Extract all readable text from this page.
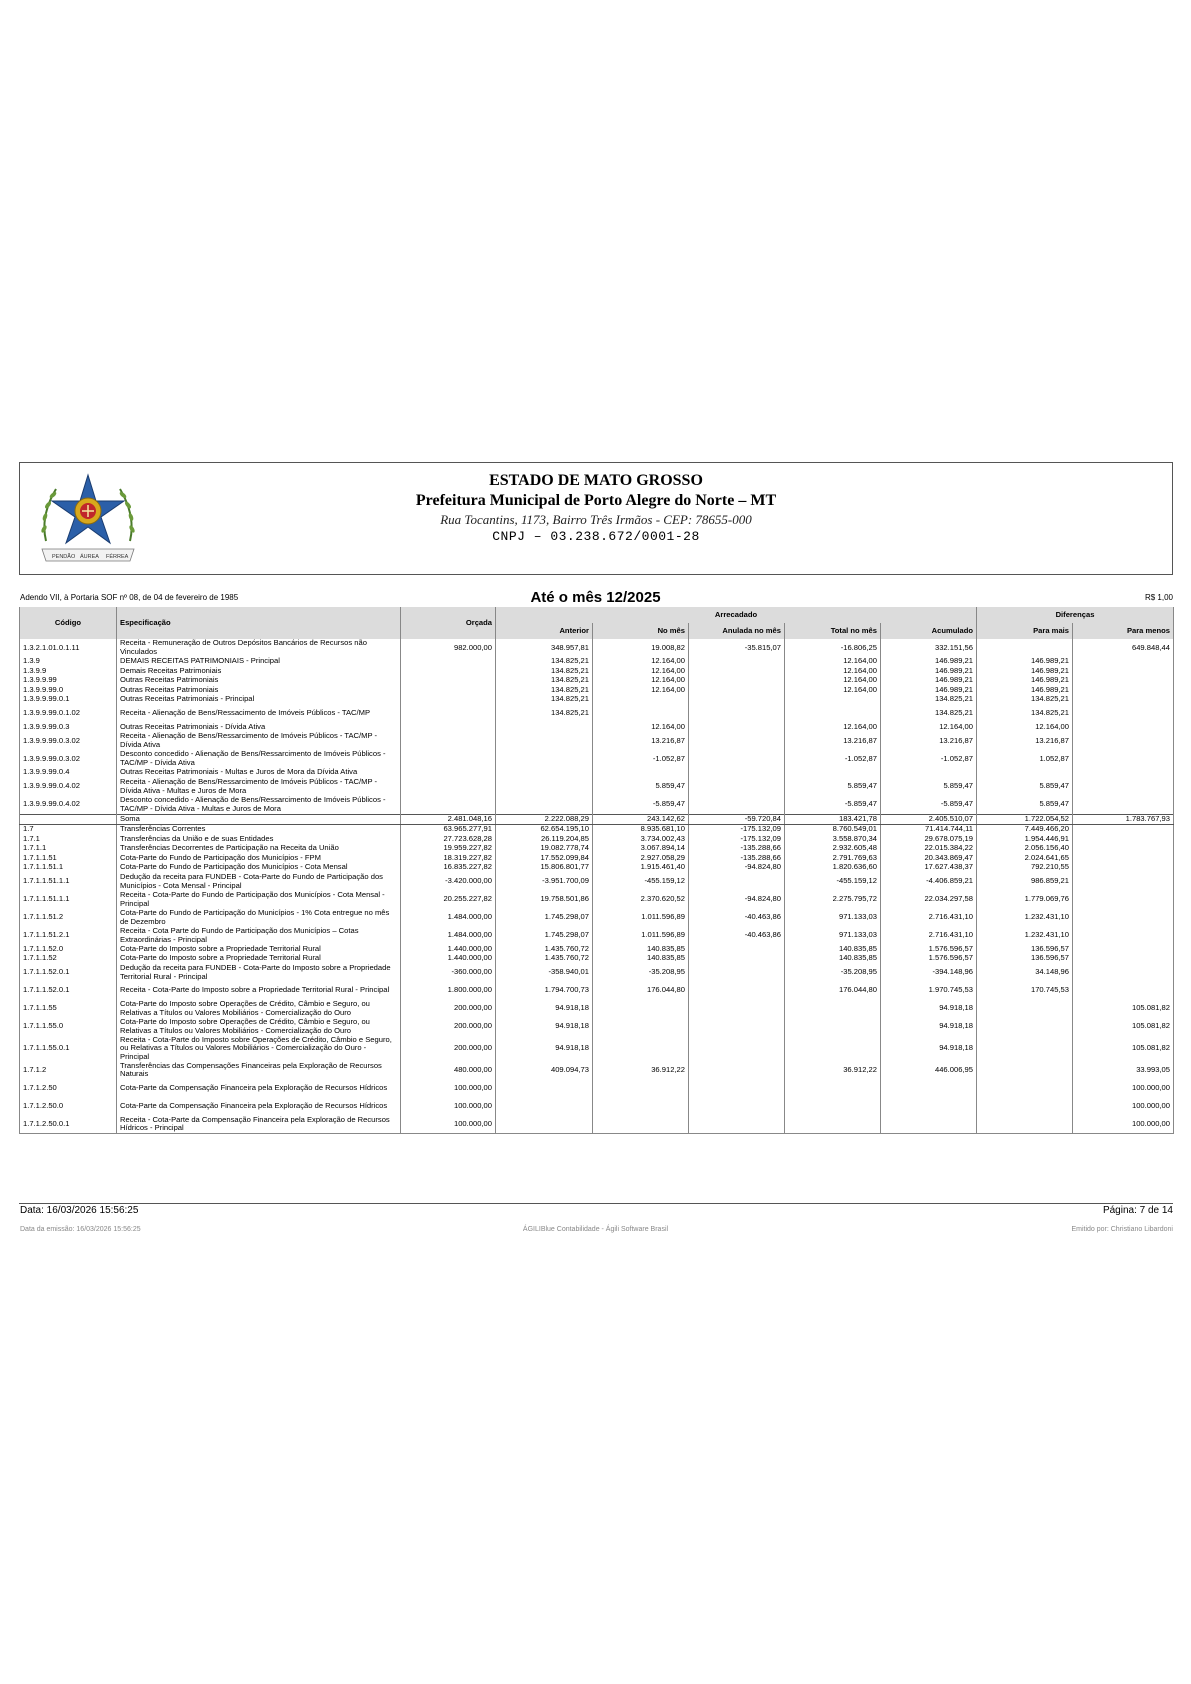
PENDÃO ÁUREA FÉRREA
ESTADO DE MATO GROSSO
Prefeitura Municipal de Porto Alegre do Norte – MT
Rua Tocantins, 1173, Bairro Três Irmãos - CEP: 78655-000
CNPJ – 03.238.672/0001-28
Adendo VII, à Portaria SOF nº 08, de 04 de fevereiro de 1985	Até o mês 12/2025	R$ 1,00
Código	Especificação	Orçada	Arrecadado					Diferenças	
			Anterior	No mês	Anulada no mês	Total no mês	Acumulado	Para mais	Para menos
1.3.2.1.01.0.1.11	Receita - Remuneração de Outros Depósitos Bancários de Recursos não Vinculados	982.000,00	348.957,81	19.008,82	-35.815,07	-16.806,25	332.151,56		649.848,44
1.3.9	DEMAIS RECEITAS PATRIMONIAIS - Principal		134.825,21	12.164,00		12.164,00	146.989,21	146.989,21	
1.3.9.9	Demais Receitas Patrimoniais		134.825,21	12.164,00		12.164,00	146.989,21	146.989,21	
1.3.9.9.99	Outras Receitas Patrimoniais		134.825,21	12.164,00		12.164,00	146.989,21	146.989,21	
1.3.9.9.99.0	Outras Receitas Patrimoniais		134.825,21	12.164,00		12.164,00	146.989,21	146.989,21	
1.3.9.9.99.0.1	Outras Receitas Patrimoniais - Principal		134.825,21				134.825,21	134.825,21	
1.3.9.9.99.0.1.02	Receita - Alienação de Bens/Ressacimento de Imóveis Públicos - TAC/MP		134.825,21				134.825,21	134.825,21	
1.3.9.9.99.0.3	Outras Receitas Patrimoniais - Dívida Ativa			12.164,00		12.164,00	12.164,00	12.164,00	
1.3.9.9.99.0.3.02	Receita - Alienação de Bens/Ressarcimento de Imóveis Públicos - TAC/MP - Dívida Ativa			13.216,87		13.216,87	13.216,87	13.216,87	
1.3.9.9.99.0.3.02	Desconto concedido - Alienação de Bens/Ressarcimento de Imóveis Públicos - TAC/MP - Dívida Ativa			-1.052,87		-1.052,87	-1.052,87	1.052,87	
1.3.9.9.99.0.4	Outras Receitas Patrimoniais - Multas e Juros de Mora da Dívida Ativa								
1.3.9.9.99.0.4.02	Receita - Alienação de Bens/Ressarcimento de Imóveis Públicos - TAC/MP - Dívida Ativa - Multas e Juros de Mora			5.859,47		5.859,47	5.859,47	5.859,47	
1.3.9.9.99.0.4.02	Desconto concedido - Alienação de Bens/Ressarcimento de Imóveis Públicos - TAC/MP - Dívida Ativa - Multas e Juros de Mora			-5.859,47		-5.859,47	-5.859,47	5.859,47	
	Soma	2.481.048,16	2.222.088,29	243.142,62	-59.720,84	183.421,78	2.405.510,07	1.722.054,52	1.783.767,93
1.7	Transferências Correntes	63.965.277,91	62.654.195,10	8.935.681,10	-175.132,09	8.760.549,01	71.414.744,11	7.449.466,20	
1.7.1	Transferências da União e de suas Entidades	27.723.628,28	26.119.204,85	3.734.002,43	-175.132,09	3.558.870,34	29.678.075,19	1.954.446,91	
1.7.1.1	Transferências Decorrentes de Participação na Receita da União	19.959.227,82	19.082.778,74	3.067.894,14	-135.288,66	2.932.605,48	22.015.384,22	2.056.156,40	
1.7.1.1.51	Cota-Parte do Fundo de Participação dos Municípios - FPM	18.319.227,82	17.552.099,84	2.927.058,29	-135.288,66	2.791.769,63	20.343.869,47	2.024.641,65	
1.7.1.1.51.1	Cota-Parte do Fundo de Participação dos Municípios - Cota Mensal	16.835.227,82	15.806.801,77	1.915.461,40	-94.824,80	1.820.636,60	17.627.438,37	792.210,55	
1.7.1.1.51.1.1	Dedução da receita para FUNDEB - Cota-Parte do Fundo de Participação dos Municípios - Cota Mensal - Principal	-3.420.000,00	-3.951.700,09	-455.159,12		-455.159,12	-4.406.859,21	986.859,21	
1.7.1.1.51.1.1	Receita - Cota-Parte do Fundo de Participação dos Municípios - Cota Mensal - Principal	20.255.227,82	19.758.501,86	2.370.620,52	-94.824,80	2.275.795,72	22.034.297,58	1.779.069,76	
1.7.1.1.51.2	Cota-Parte do Fundo de Participação do Municípios - 1% Cota entregue no mês de Dezembro	1.484.000,00	1.745.298,07	1.011.596,89	-40.463,86	971.133,03	2.716.431,10	1.232.431,10	
1.7.1.1.51.2.1	Receita - Cota Parte do Fundo de Participação dos Municípios – Cotas Extraordinárias - Principal	1.484.000,00	1.745.298,07	1.011.596,89	-40.463,86	971.133,03	2.716.431,10	1.232.431,10	
1.7.1.1.52.0	Cota-Parte do Imposto sobre a Propriedade Territorial Rural	1.440.000,00	1.435.760,72	140.835,85		140.835,85	1.576.596,57	136.596,57	
1.7.1.1.52	Cota-Parte do Imposto sobre a Propriedade Territorial Rural	1.440.000,00	1.435.760,72	140.835,85		140.835,85	1.576.596,57	136.596,57	
1.7.1.1.52.0.1	Dedução da receita para FUNDEB - Cota-Parte do Imposto sobre a Propriedade Territorial Rural - Principal	-360.000,00	-358.940,01	-35.208,95		-35.208,95	-394.148,96	34.148,96	
1.7.1.1.52.0.1	Receita - Cota-Parte do Imposto sobre a Propriedade Territorial Rural - Principal	1.800.000,00	1.794.700,73	176.044,80		176.044,80	1.970.745,53	170.745,53	
1.7.1.1.55	Cota-Parte do Imposto sobre Operações de Crédito, Câmbio e Seguro, ou Relativas a Títulos ou Valores Mobiliários - Comercialização do Ouro	200.000,00	94.918,18				94.918,18		105.081,82
1.7.1.1.55.0	Cota-Parte do Imposto sobre Operações de Crédito, Câmbio e Seguro, ou Relativas a Títulos ou Valores Mobiliários - Comercialização do Ouro	200.000,00	94.918,18				94.918,18		105.081,82
1.7.1.1.55.0.1	Receita - Cota-Parte do Imposto sobre Operações de Crédito, Câmbio e Seguro, ou Relativas a Títulos ou Valores Mobiliários - Comercialização do Ouro - Principal	200.000,00	94.918,18				94.918,18		105.081,82
1.7.1.2	Transferências das Compensações Financeiras pela Exploração de Recursos Naturais	480.000,00	409.094,73	36.912,22		36.912,22	446.006,95		33.993,05
1.7.1.2.50	Cota-Parte da Compensação Financeira pela Exploração de Recursos Hídricos	100.000,00							100.000,00
1.7.1.2.50.0	Cota-Parte da Compensação Financeira pela Exploração de Recursos Hídricos	100.000,00							100.000,00
1.7.1.2.50.0.1	Receita - Cota-Parte da Compensação Financeira pela Exploração de Recursos Hídricos - Principal	100.000,00							100.000,00
Data: 16/03/2026 15:56:25	Página: 7 de 14
Data da emissão: 16/03/2026 15:56:25	ÁGILIBlue Contabilidade - Ágili Software Brasil	Emitido por: Christiano Libardoni
